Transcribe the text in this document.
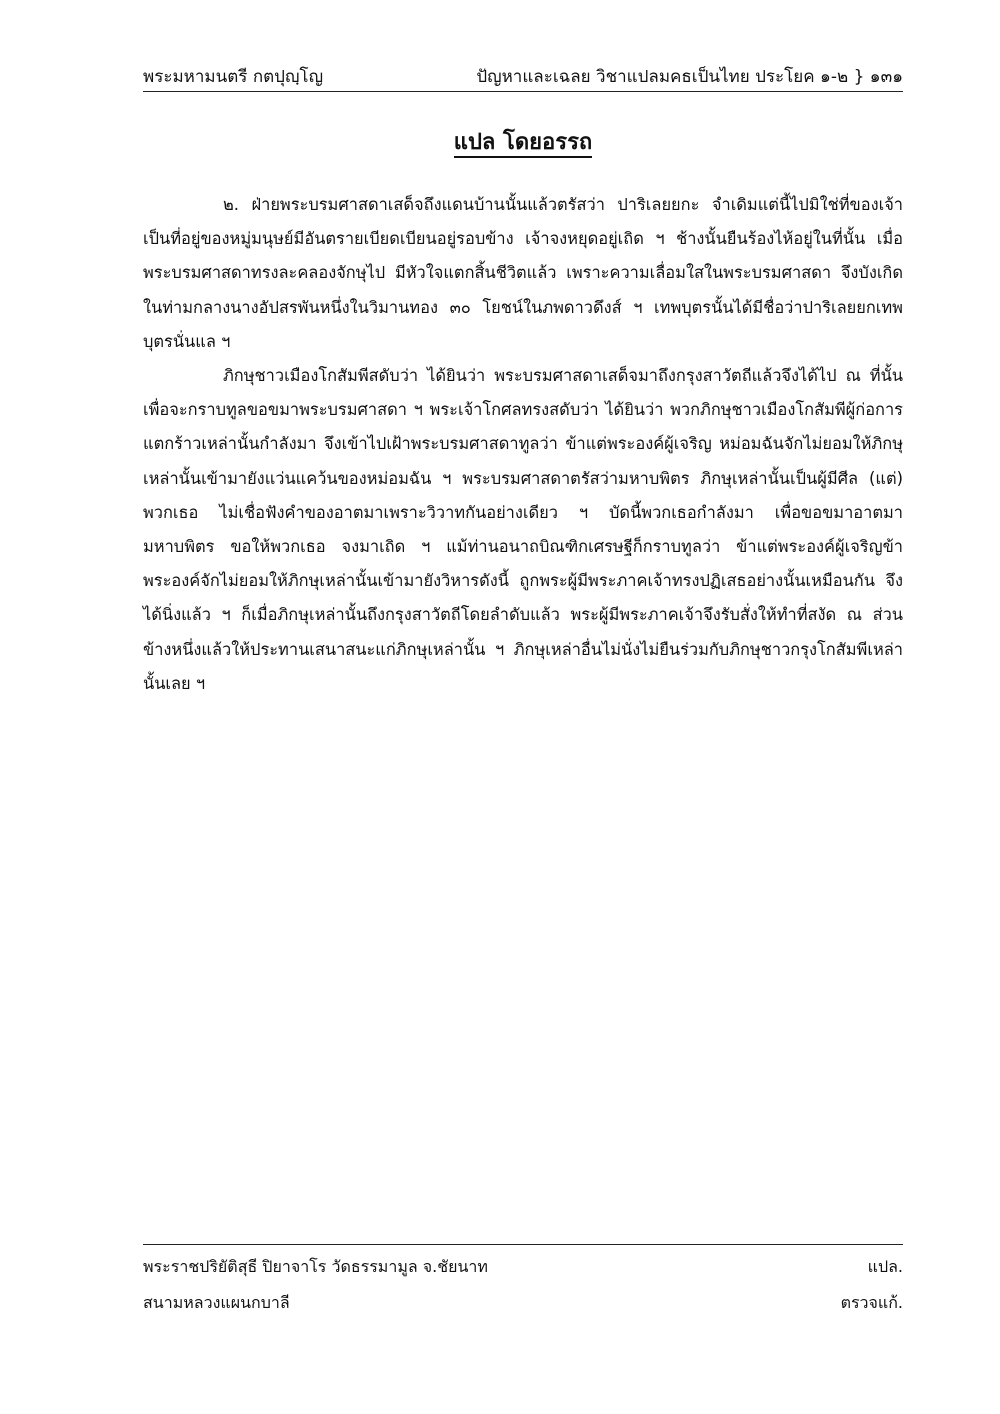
พระมหามนตรี กตปุญฺโญ	ปัญหาและเฉลย วิชาแปลมคธเป็นไทย ประโยค ๑-๒ } ๑๓๑
แปล โดยอรรถ

๒. ฝ่ายพระบรมศาสดาเสด็จถึงแดนบ้านนั้นแล้วตรัสว่า ปาริเลยยกะ จำเดิมแต่นี้ไปมิใช่ที่ของเจ้า เป็นที่อยู่ของหมู่มนุษย์มีอันตรายเบียดเบียนอยู่รอบข้าง เจ้าจงหยุดอยู่เถิด ฯ ช้างนั้นยืนร้องไห้อยู่ในที่นั้น เมื่อพระบรมศาสดาทรงละคลองจักษุไป มีหัวใจแตกสิ้นชีวิตแล้ว เพราะความเลื่อมใสในพระบรมศาสดา จึงบังเกิดในท่ามกลางนางอัปสรพันหนึ่งในวิมานทอง ๓๐ โยชน์ในภพดาวดึงส์ ฯ เทพบุตรนั้นได้มีชื่อว่าปาริเลยยกเทพบุตรนั่นแล ฯ

ภิกษุชาวเมืองโกสัมพีสดับว่า ได้ยินว่า พระบรมศาสดาเสด็จมาถึงกรุงสาวัตถีแล้วจึงได้ไป ณ ที่นั้นเพื่อจะกราบทูลขอขมาพระบรมศาสดา ฯ พระเจ้าโกศลทรงสดับว่า ได้ยินว่า พวกภิกษุชาวเมืองโกสัมพีผู้ก่อการแตกร้าวเหล่านั้นกำลังมา จึงเข้าไปเฝ้าพระบรมศาสดาทูลว่า ข้าแต่พระองค์ผู้เจริญ หม่อมฉันจักไม่ยอมให้ภิกษุเหล่านั้นเข้ามายังแว่นแคว้นของหม่อมฉัน ฯ พระบรมศาสดาตรัสว่ามหาบพิตร ภิกษุเหล่านั้นเป็นผู้มีศีล (แต่) พวกเธอ ไม่เชื่อฟังคำของอาตมาเพราะวิวาทกันอย่างเดียว ฯ บัดนี้พวกเธอกำลังมา เพื่อขอขมาอาตมา มหาบพิตร ขอให้พวกเธอ จงมาเถิด ฯ แม้ท่านอนาถบิณฑิกเศรษฐีก็กราบทูลว่า ข้าแต่พระองค์ผู้เจริญข้าพระองค์จักไม่ยอมให้ภิกษุเหล่านั้นเข้ามายังวิหารดังนี้ ถูกพระผู้มีพระภาคเจ้าทรงปฏิเสธอย่างนั้นเหมือนกัน จึงได้นิ่งแล้ว ฯ ก็เมื่อภิกษุเหล่านั้นถึงกรุงสาวัตถีโดยลำดับแล้ว พระผู้มีพระภาคเจ้าจึงรับสั่งให้ทำที่สงัด ณ ส่วนข้างหนึ่งแล้วให้ประทานเสนาสนะแก่ภิกษุเหล่านั้น ฯ ภิกษุเหล่าอื่นไม่นั่งไม่ยืนร่วมกับภิกษุชาวกรุงโกสัมพีเหล่านั้นเลย ฯ

พระราชปริยัติสุธี ปิยาจาโร วัดธรรมามูล จ.ชัยนาท	แปล.
สนามหลวงแผนกบาลี	ตรวจแก้.
